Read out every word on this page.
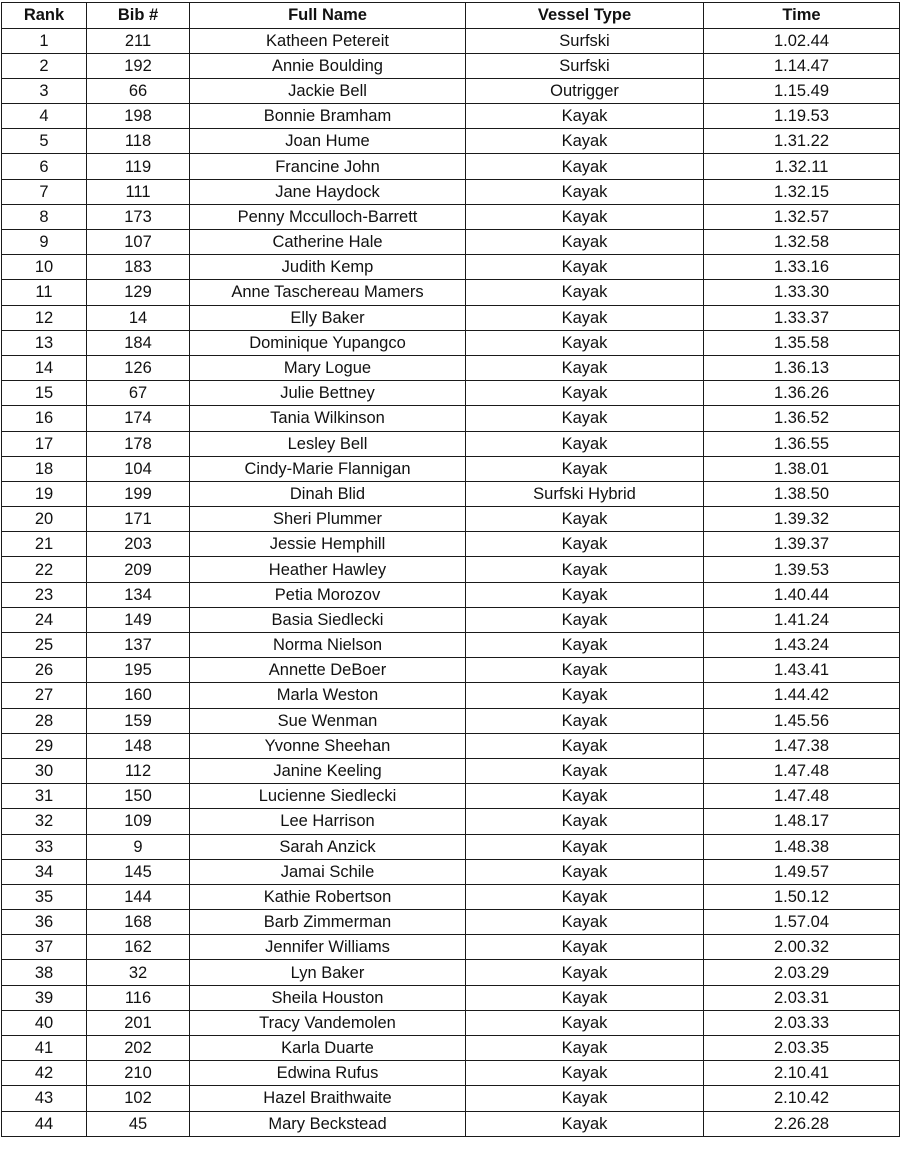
Rank	Bib #	Full Name	Vessel Type	Time
1	211	Katheen Petereit	Surfski	1.02.44
2	192	Annie Boulding	Surfski	1.14.47
3	66	Jackie Bell	Outrigger	1.15.49
4	198	Bonnie Bramham	Kayak	1.19.53
5	118	Joan Hume	Kayak	1.31.22
6	119	Francine John	Kayak	1.32.11
7	111	Jane Haydock	Kayak	1.32.15
8	173	Penny Mcculloch-Barrett	Kayak	1.32.57
9	107	Catherine Hale	Kayak	1.32.58
10	183	Judith Kemp	Kayak	1.33.16
11	129	Anne Taschereau Mamers	Kayak	1.33.30
12	14	Elly Baker	Kayak	1.33.37
13	184	Dominique Yupangco	Kayak	1.35.58
14	126	Mary Logue	Kayak	1.36.13
15	67	Julie Bettney	Kayak	1.36.26
16	174	Tania Wilkinson	Kayak	1.36.52
17	178	Lesley Bell	Kayak	1.36.55
18	104	Cindy-Marie Flannigan	Kayak	1.38.01
19	199	Dinah Blid	Surfski Hybrid	1.38.50
20	171	Sheri Plummer	Kayak	1.39.32
21	203	Jessie Hemphill	Kayak	1.39.37
22	209	Heather Hawley	Kayak	1.39.53
23	134	Petia Morozov	Kayak	1.40.44
24	149	Basia Siedlecki	Kayak	1.41.24
25	137	Norma Nielson	Kayak	1.43.24
26	195	Annette DeBoer	Kayak	1.43.41
27	160	Marla Weston	Kayak	1.44.42
28	159	Sue Wenman	Kayak	1.45.56
29	148	Yvonne Sheehan	Kayak	1.47.38
30	112	Janine Keeling	Kayak	1.47.48
31	150	Lucienne Siedlecki	Kayak	1.47.48
32	109	Lee Harrison	Kayak	1.48.17
33	9	Sarah Anzick	Kayak	1.48.38
34	145	Jamai Schile	Kayak	1.49.57
35	144	Kathie Robertson	Kayak	1.50.12
36	168	Barb Zimmerman	Kayak	1.57.04
37	162	Jennifer Williams	Kayak	2.00.32
38	32	Lyn Baker	Kayak	2.03.29
39	116	Sheila Houston	Kayak	2.03.31
40	201	Tracy Vandemolen	Kayak	2.03.33
41	202	Karla Duarte	Kayak	2.03.35
42	210	Edwina Rufus	Kayak	2.10.41
43	102	Hazel Braithwaite	Kayak	2.10.42
44	45	Mary Beckstead	Kayak	2.26.28
